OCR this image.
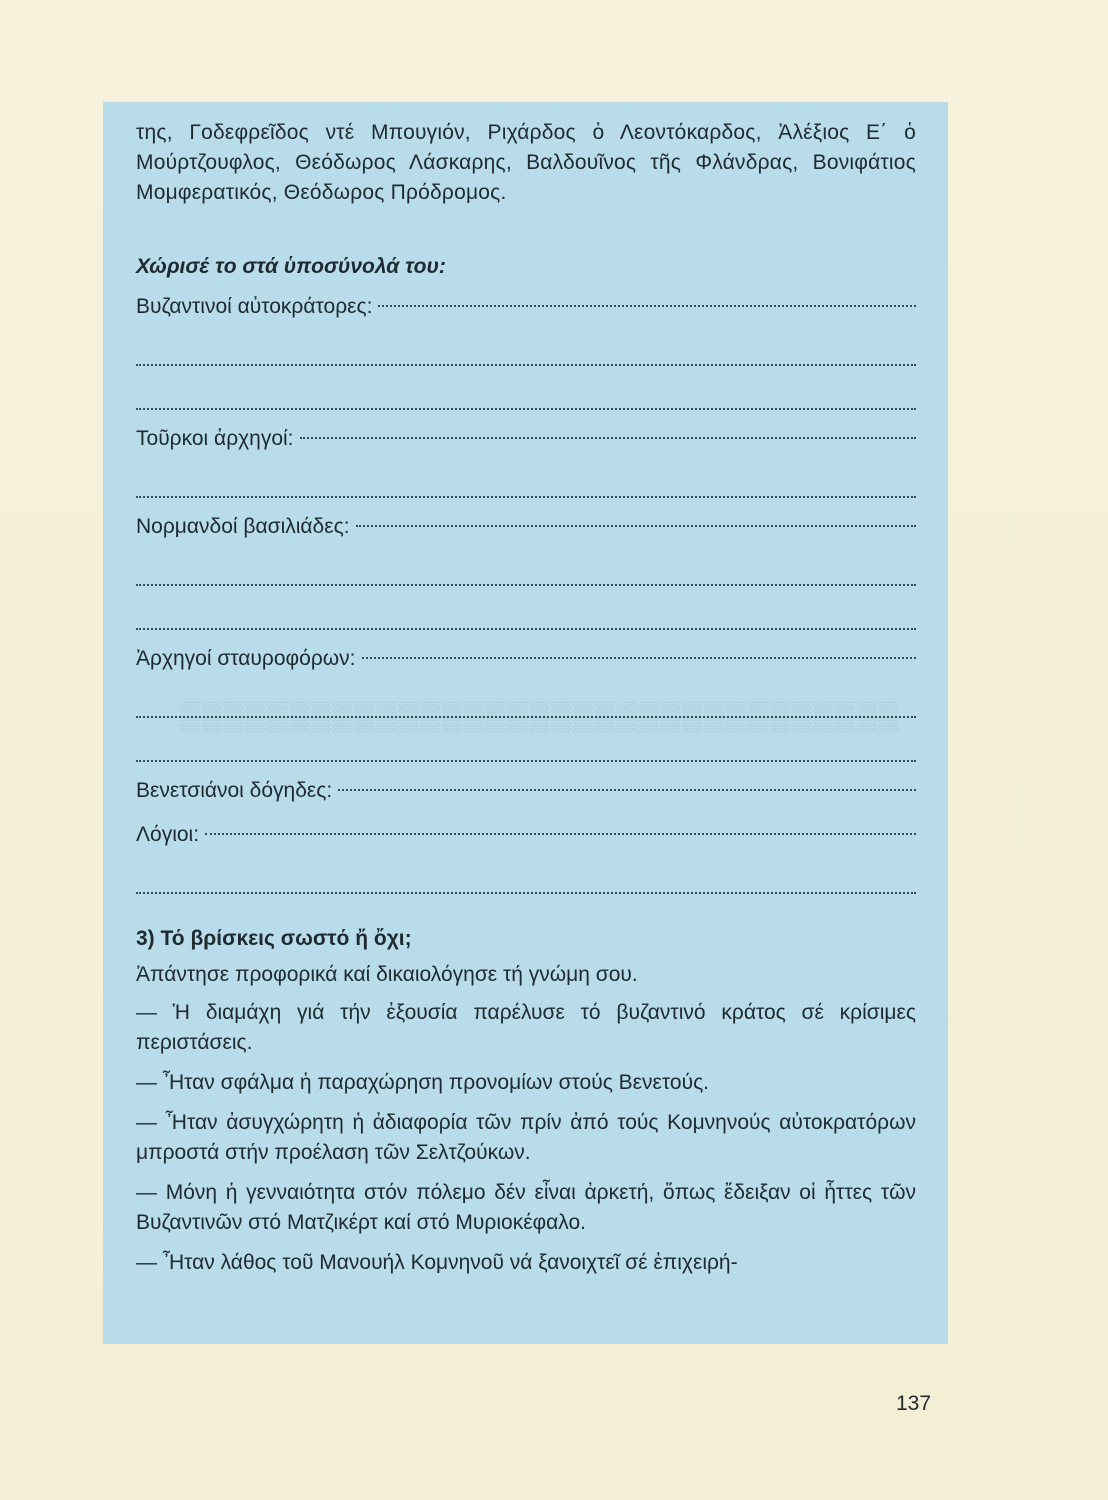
της, Γοδεφρεῖδος ντέ Μπουγιόν, Ριχάρδος ὁ Λεοντόκαρδος, Ἀλέξιος Ε΄ ὁ Μούρτζουφλος, Θεόδωρος Λάσκαρης, Βαλδουῖνος τῆς Φλάνδρας, Βονιφάτιος Μομφερατικός, Θεόδωρος Πρόδρομος.

Χώρισέ το στά ὑποσύνολά του:
Βυζαντινοί αὐτοκράτορες:
Τοῦρκοι ἀρχηγοί:
Νορμανδοί βασιλιάδες:
Ἀρχηγοί σταυροφόρων:
Βενετσιάνοι δόγηδες:
Λόγιοι:
3) Τό βρίσκεις σωστό ἤ ὄχι;
Ἀπάντησε προφορικά καί δικαιολόγησε τή γνώμη σου.

— Ἡ διαμάχη γιά τήν ἐξουσία παρέλυσε τό βυζαντινό κράτος σέ κρίσιμες περιστάσεις.

— Ἦταν σφάλμα ἡ παραχώρηση προνομίων στούς Βενετούς.

— Ἦταν ἀσυγχώρητη ἡ ἀδιαφορία τῶν πρίν ἀπό τούς Κομνηνούς αὐτοκρατόρων μπροστά στήν προέλαση τῶν Σελτζούκων.

— Μόνη ἡ γενναιότητα στόν πόλεμο δέν εἶναι ἀρκετή, ὅπως ἔδειξαν οἱ ἧττες τῶν Βυζαντινῶν στό Ματζικέρτ καί στό Μυριοκέφαλο.

— Ἦταν λάθος τοῦ Μανουήλ Κομνηνοῦ νά ξανοιχτεῖ σέ ἐπιχειρή-

137
